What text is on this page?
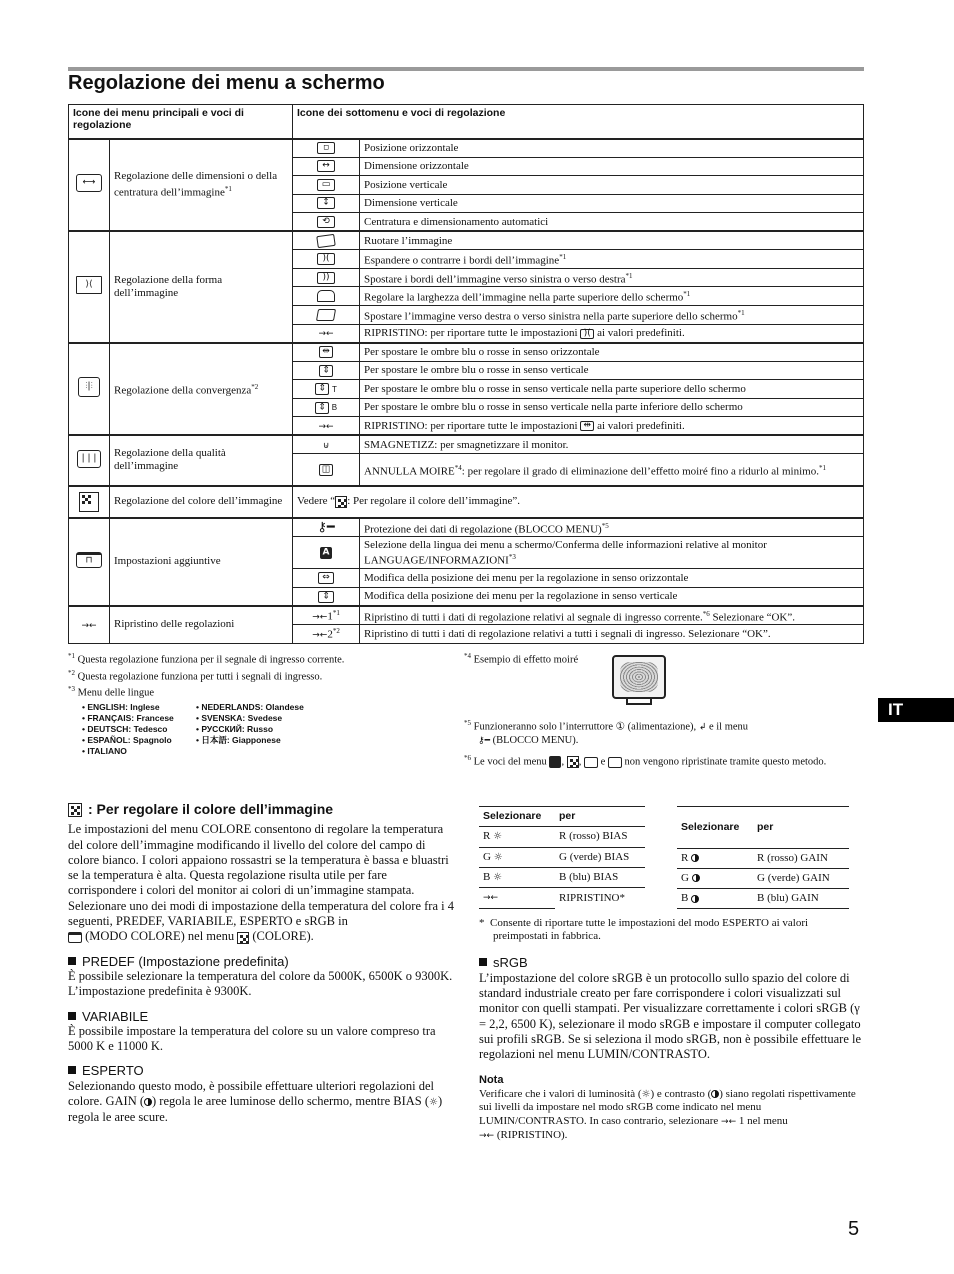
Regolazione dei menu a schermo
Icone dei menu principali e voci di regolazione		Icone dei sottomenu e voci di regolazione	

⟷	Regolazione delle dimensioni o della centratura dell’immagine$^{*1}$	▫	Posizione orizzontale

		↔	Dimensione orizzontale

		▭	Posizione verticale

		↕	Dimensione verticale

		⟲	Centratura e dimensionamento automatici

⟩⟨	Regolazione della forma dell’immagine		Ruotare l’immagine

		)(	Espandere o contrarre i bordi dell’immagine$^{*1}$

		))	Spostare i bordi dell’immagine verso sinistra o verso destra$^{*1}$
			Regolare la larghezza dell’immagine nella parte superiore dello schermo$^{*1}$
			Spostare l’immagine verso destra o verso sinistra nella parte superiore dello schermo$^{*1}$
		→←	RIPRISTINO: per riportare tutte le impostazioni )( ai valori predefiniti.

⫶|⫶	Regolazione della convergenza$^{*2}$	⇹	Per spostare le ombre blu o rosse in senso orizzontale

		⇕	Per spostare le ombre blu o rosse in senso verticale

		⇕ T	Per spostare le ombre blu o rosse in senso verticale nella parte superiore dello schermo

		⇕ B	Per spostare le ombre blu o rosse in senso verticale nella parte inferiore dello schermo
		→←	RIPRISTINO: per riportare tutte le impostazioni ⇹ ai valori predefiniti.

| | |	Regolazione della qualità dell’immagine	⊍	SMAGNETIZZ: per smagnetizzare il monitor.

		◫	ANNULLA MOIRE$^{*4}$: per regolare il grado di eliminazione dell’effetto moiré fino a ridurlo al minimo.$^{*1}$
	Regolazione del colore dell’immagine	Vedere “ : Per regolare il colore dell’immagine”.	

⊓	Impostazioni aggiuntive	⚷━	Protezione dei dati di regolazione (BLOCCO MENU)$^{*5}$

		A	Selezione della lingua dei menu a schermo/Conferma delle informazioni relative al monitor LANGUAGE/INFORMAZIONI$^{*3}$

		⇔	Modifica della posizione dei menu per la regolazione in senso orizzontale

		⇕	Modifica della posizione dei menu per la regolazione in senso verticale
→←	Ripristino delle regolazioni	$\to\leftarrow 1^{*1}$	Ripristino di tutti i dati di regolazione relativi al segnale di ingresso corrente.$^{*6}$ Selezionare “OK”.
		$\to\leftarrow 2^{*2}$	Ripristino di tutti i dati di regolazione relativi a tutti i segnali di ingresso. Selezionare “OK”.
$^{*1}$ Questa regolazione funziona per il segnale di ingresso corrente.
$^{*2}$ Questa regolazione funziona per tutti i segnali di ingresso.
$^{*3}$ Menu delle lingue
• ENGLISH: Inglese	• NEDERLANDS: Olandese
• FRANÇAIS: Francese	• SVENSKA: Svedese
• DEUTSCH: Tedesco	• РУССКИЙ: Russo
• ESPAÑOL: Spagnolo	• 日本語: Giapponese
• ITALIANO
$^{*4}$ Esempio di effetto moiré
$^{*5}$ Funzioneranno solo l’interruttore ① (alimentazione), ↲ e il menu
⚷━ (BLOCCO MENU).
$^{*6}$ Le voci del menu , ,  e non vengono ripristinate tramite questo metodo.
IT
: Per regolare il colore dell’immagine

Le impostazioni del menu COLORE consentono di regolare la temperatura del colore dell’immagine modificando il livello del colore del campo di colore bianco. I colori appaiono rossastri se la temperatura è bassa e bluastri se la temperatura è alta. Questa regolazione risulta utile per fare corrispondere i colori del monitor ai colori di un’immagine stampata.

Selezionare uno dei modi di impostazione della temperatura del colore fra i 4 seguenti, PREDEF, VARIABILE, ESPERTO e sRGB in
(MODO COLORE) nel menu (COLORE).

PREDEF (Impostazione predefinita)

È possibile selezionare la temperatura del colore da 5000K, 6500K o 9300K. L’impostazione predefinita è 9300K.

VARIABILE

È possibile impostare la temperatura del colore su un valore compreso tra 5000 K e 11000 K.

ESPERTO

Selezionando questo modo, è possibile effettuare ulteriori regolazioni del colore. GAIN ( ) regola le aree luminose dello schermo, mentre BIAS (☼) regola le aree scure.

Selezionare	per
R ☼	R (rosso) BIAS
G ☼	G (verde) BIAS
B ☼	B (blu) BIAS
→←	RIPRISTINO*
Selezionare	per
R	R (rosso) GAIN
G	G (verde) GAIN
B	B (blu) GAIN
*  Consente di riportare tutte le impostazioni del modo ESPERTO ai valori preimpostati in fabbrica.
sRGB

L’impostazione del colore sRGB è un protocollo sullo spazio del colore di standard industriale creato per fare corrispondere i colori visualizzati sul monitor con quelli stampati. Per visualizzare correttamente i colori sRGB (γ = 2,2, 6500 K), selezionare il modo sRGB e impostare il computer collegato sui profili sRGB. Se si seleziona il modo sRGB, non è possibile effettuare le regolazioni nel menu LUMIN/CONTRASTO.

Nota

Verificare che i valori di luminosità (☼) e contrasto ( ) siano regolati rispettivamente sui livelli da impostare nel modo sRGB come indicato nel menu LUMIN/CONTRASTO. In caso contrario, selezionare →← 1 nel menu
→← (RIPRISTINO).

5
